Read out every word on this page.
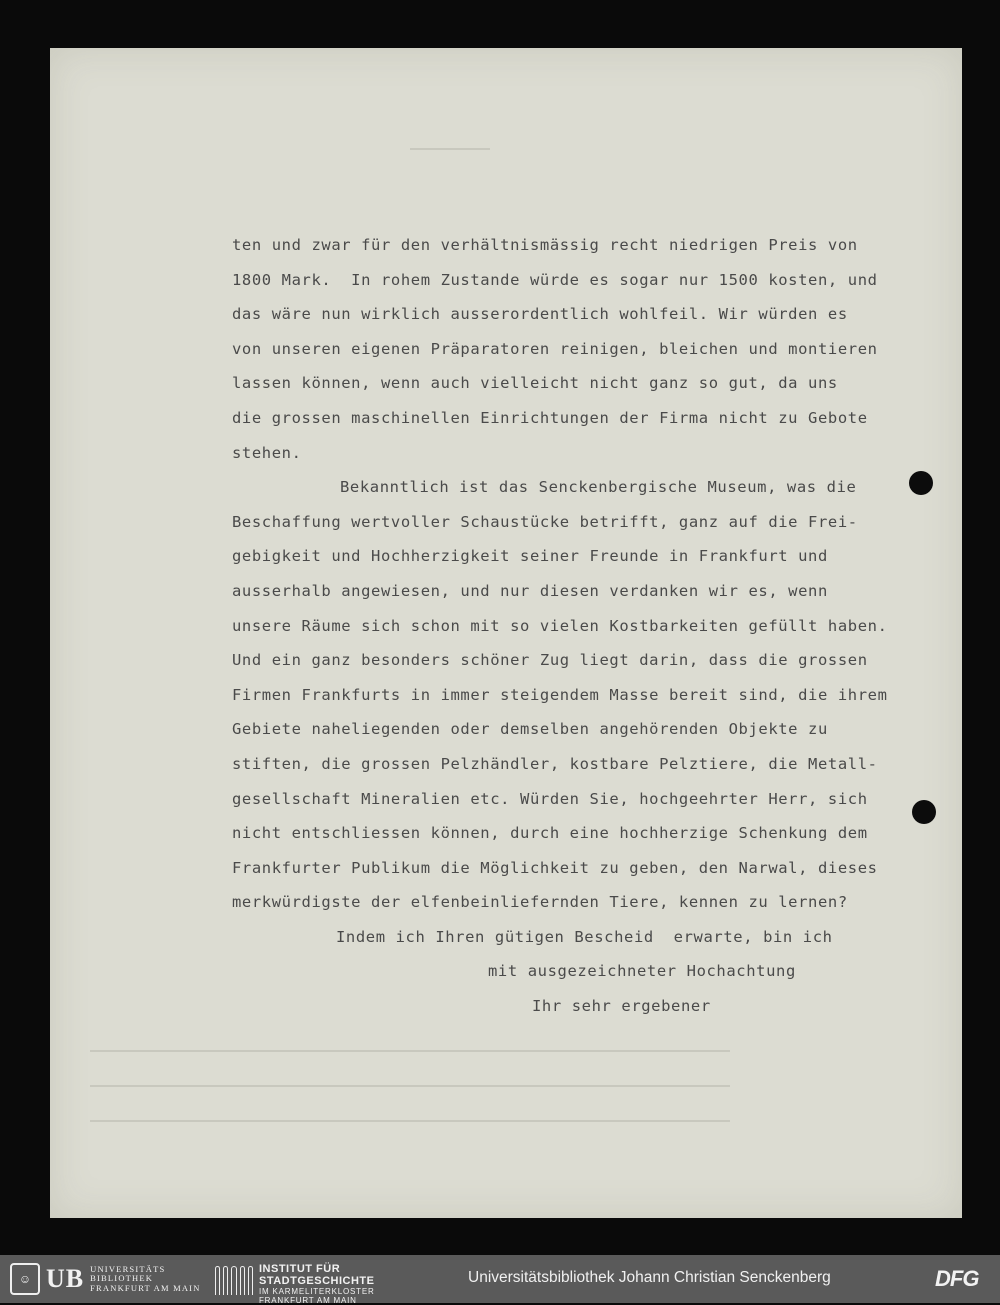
ten und zwar für den verhältnismässig recht niedrigen Preis von
1800 Mark.  In rohem Zustande würde es sogar nur 1500 kosten, und
das wäre nun wirklich ausserordentlich wohlfeil. Wir würden es
von unseren eigenen Präparatoren reinigen, bleichen und montieren
lassen können, wenn auch vielleicht nicht ganz so gut, da uns
die grossen maschinellen Einrichtungen der Firma nicht zu Gebote
stehen.
Bekanntlich ist das Senckenbergische Museum, was die
Beschaffung wertvoller Schaustücke betrifft, ganz auf die Frei-
gebigkeit und Hochherzigkeit seiner Freunde in Frankfurt und
ausserhalb angewiesen, und nur diesen verdanken wir es, wenn
unsere Räume sich schon mit so vielen Kostbarkeiten gefüllt haben.
Und ein ganz besonders schöner Zug liegt darin, dass die grossen
Firmen Frankfurts in immer steigendem Masse bereit sind, die ihrem
Gebiete naheliegenden oder demselben angehörenden Objekte zu
stiften, die grossen Pelzhändler, kostbare Pelztiere, die Metall-
gesellschaft Mineralien etc. Würden Sie, hochgeehrter Herr, sich
nicht entschliessen können, durch eine hochherzige Schenkung dem
Frankfurter Publikum die Möglichkeit zu geben, den Narwal, dieses
merkwürdigste der elfenbeinliefernden Tiere, kennen zu lernen?
Indem ich Ihren gütigen Bescheid  erwarte, bin ich
mit ausgezeichneter Hochachtung
Ihr sehr ergebener
☺ UB UNIVERSITÄTS
BIBLIOTHEK
FRANKFURT AM MAIN
INSTITUT FÜR
STADTGESCHICHTE
IM KARMELITERKLOSTER
FRANKFURT AM MAIN
Universitätsbibliothek Johann Christian Senckenberg	DFG
